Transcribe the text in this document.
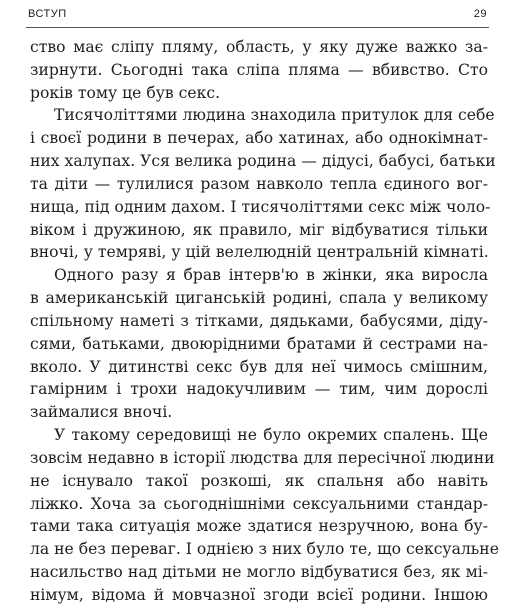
ВСТУП	29
ство має сліпу пляму, область, у яку дуже важко за-
зирнути. Сьогодні така сліпа пляма — вбивство. Сто
років тому це був секс.
Тисячоліттями людина знаходила притулок для себе
і своєї родини в печерах, або хатинах, або однокімнат-
них халупах. Уся велика родина — дідусі, бабусі, батьки
та діти — тулилися разом навколо тепла єдиного вог-
нища, під одним дахом. І тисячоліттями секс між чоло-
віком і дружиною, як правило, міг відбуватися тільки
вночі, у темряві, у цій велелюдній центральній кімнаті.
Одного разу я брав інтерв'ю в жінки, яка виросла
в американській циганській родині, спала у великому
спільному наметі з тітками, дядьками, бабусями, діду-
сями, батьками, двоюрідними братами й сестрами на-
вколо. У дитинстві секс був для неї чимось смішним,
гамірним і трохи надокучливим — тим, чим дорослі
займалися вночі.
У такому середовищі не було окремих спалень. Ще
зовсім недавно в історії людства для пересічної людини
не існувало такої розкоші, як спальня або навіть
ліжко. Хоча за сьогоднішніми сексуальними стандар-
тами така ситуація може здатися незручною, вона бу-
ла не без переваг. І однією з них було те, що сексуальне
насильство над дітьми не могло відбуватися без, як мі-
німум, відома й мовчазної згоди всієї родини. Іншою
